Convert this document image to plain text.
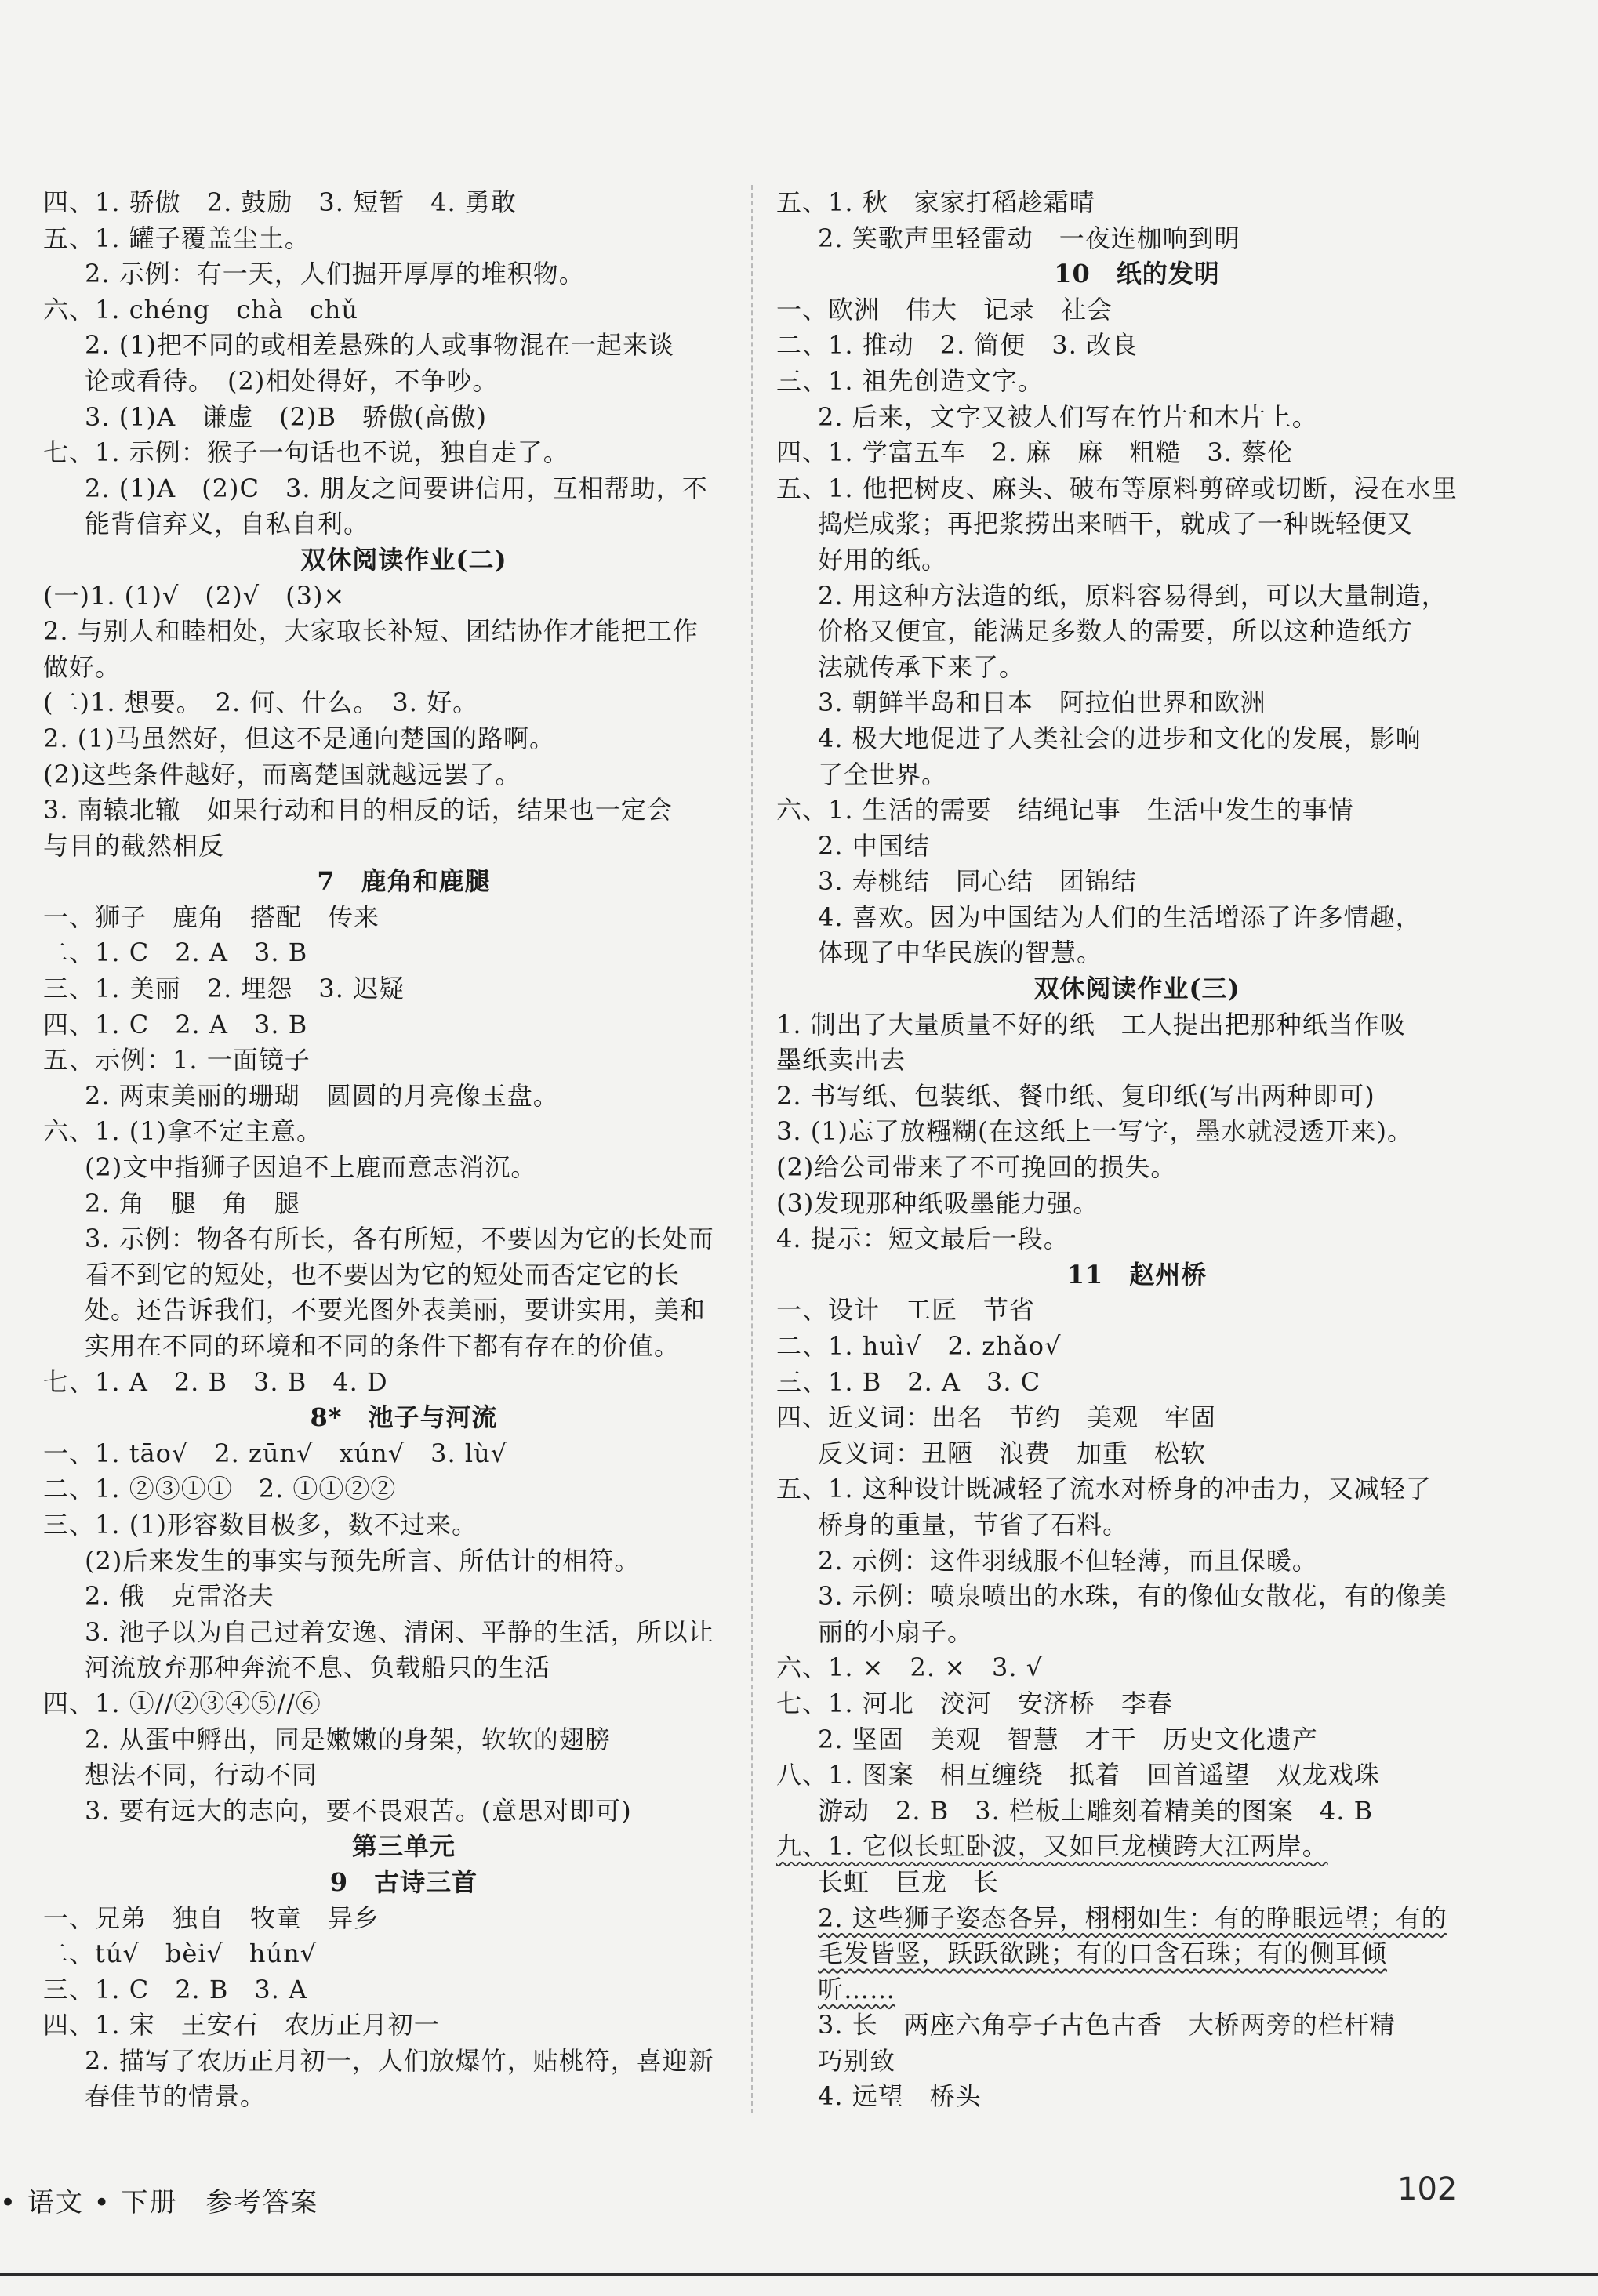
四、1. 骄傲　2. 鼓励　3. 短暂　4. 勇敢
五、1. 罐子覆盖尘土。
2. 示例：有一天，人们掘开厚厚的堆积物。
六、1. chéng　chà　chǔ
2. (1)把不同的或相差悬殊的人或事物混在一起来谈
论或看待。　(2)相处得好，不争吵。
3. (1)A　谦虚　(2)B　骄傲(高傲)
七、1. 示例：猴子一句话也不说，独自走了。
2. (1)A　(2)C　3. 朋友之间要讲信用，互相帮助，不
能背信弃义，自私自利。
双休阅读作业(二)
(一)1. (1)√　(2)√　(3)×
2. 与别人和睦相处，大家取长补短、团结协作才能把工作
做好。
(二)1. 想要。　2. 何、什么。　3. 好。
2. (1)马虽然好，但这不是通向楚国的路啊。
(2)这些条件越好，而离楚国就越远罢了。
3. 南辕北辙　如果行动和目的相反的话，结果也一定会
与目的截然相反
7　鹿角和鹿腿
一、狮子　鹿角　搭配　传来
二、1. C　2. A　3. B
三、1. 美丽　2. 埋怨　3. 迟疑
四、1. C　2. A　3. B
五、示例：1. 一面镜子
2. 两束美丽的珊瑚　圆圆的月亮像玉盘。
六、1. (1)拿不定主意。
(2)文中指狮子因追不上鹿而意志消沉。
2. 角　腿　角　腿
3. 示例：物各有所长，各有所短，不要因为它的长处而
看不到它的短处，也不要因为它的短处而否定它的长
处。还告诉我们，不要光图外表美丽，要讲实用，美和
实用在不同的环境和不同的条件下都有存在的价值。
七、1. A　2. B　3. B　4. D
8*　池子与河流
一、1. tāo√　2. zūn√　xún√　3. lù√
二、1. ②③①①　2. ①①②②
三、1. (1)形容数目极多，数不过来。
(2)后来发生的事实与预先所言、所估计的相符。
2. 俄　克雷洛夫
3. 池子以为自己过着安逸、清闲、平静的生活，所以让
河流放弃那种奔流不息、负载船只的生活
四、1. ①//②③④⑤//⑥
2. 从蛋中孵出，同是嫩嫩的身架，软软的翅膀
想法不同，行动不同
3. 要有远大的志向，要不畏艰苦。(意思对即可)
第三单元
9　古诗三首
一、兄弟　独自　牧童　异乡
二、tú√　bèi√　hún√
三、1. C　2. B　3. A
四、1. 宋　王安石　农历正月初一
2. 描写了农历正月初一，人们放爆竹，贴桃符，喜迎新
春佳节的情景。
五、1. 秋　家家打稻趁霜晴
2. 笑歌声里轻雷动　一夜连枷响到明
10　纸的发明
一、欧洲　伟大　记录　社会
二、1. 推动　2. 简便　3. 改良
三、1. 祖先创造文字。
2. 后来，文字又被人们写在竹片和木片上。
四、1. 学富五车　2. 麻　麻　粗糙　3. 蔡伦
五、1. 他把树皮、麻头、破布等原料剪碎或切断，浸在水里
捣烂成浆；再把浆捞出来晒干，就成了一种既轻便又
好用的纸。
2. 用这种方法造的纸，原料容易得到，可以大量制造，
价格又便宜，能满足多数人的需要，所以这种造纸方
法就传承下来了。
3. 朝鲜半岛和日本　阿拉伯世界和欧洲
4. 极大地促进了人类社会的进步和文化的发展，影响
了全世界。
六、1. 生活的需要　结绳记事　生活中发生的事情
2. 中国结
3. 寿桃结　同心结　团锦结
4. 喜欢。因为中国结为人们的生活增添了许多情趣，
体现了中华民族的智慧。
双休阅读作业(三)
1. 制出了大量质量不好的纸　工人提出把那种纸当作吸
墨纸卖出去
2. 书写纸、包装纸、餐巾纸、复印纸(写出两种即可)
3. (1)忘了放糨糊(在这纸上一写字，墨水就浸透开来)。
(2)给公司带来了不可挽回的损失。
(3)发现那种纸吸墨能力强。
4. 提示：短文最后一段。
11　赵州桥
一、设计　工匠　节省
二、1. huì√　2. zhǎo√
三、1. B　2. A　3. C
四、近义词：出名　节约　美观　牢固
反义词：丑陋　浪费　加重　松软
五、1. 这种设计既减轻了流水对桥身的冲击力，又减轻了
桥身的重量，节省了石料。
2. 示例：这件羽绒服不但轻薄，而且保暖。
3. 示例：喷泉喷出的水珠，有的像仙女散花，有的像美
丽的小扇子。
六、1. ×　2. ×　3. √
七、1. 河北　洨河　安济桥　李春
2. 坚固　美观　智慧　才干　历史文化遗产
八、1. 图案　相互缠绕　抵着　回首遥望　双龙戏珠
游动　2. B　3. 栏板上雕刻着精美的图案　4. B
九、1. 它似长虹卧波，又如巨龙横跨大江两岸。
长虹　巨龙　长
2. 这些狮子姿态各异，栩栩如生：有的睁眼远望；有的
毛发皆竖，跃跃欲跳；有的口含石珠；有的侧耳倾
听……
3. 长　两座六角亭子古色古香　大桥两旁的栏杆精
巧别致
4. 远望　桥头
• 语文 • 下册 参考答案	102
